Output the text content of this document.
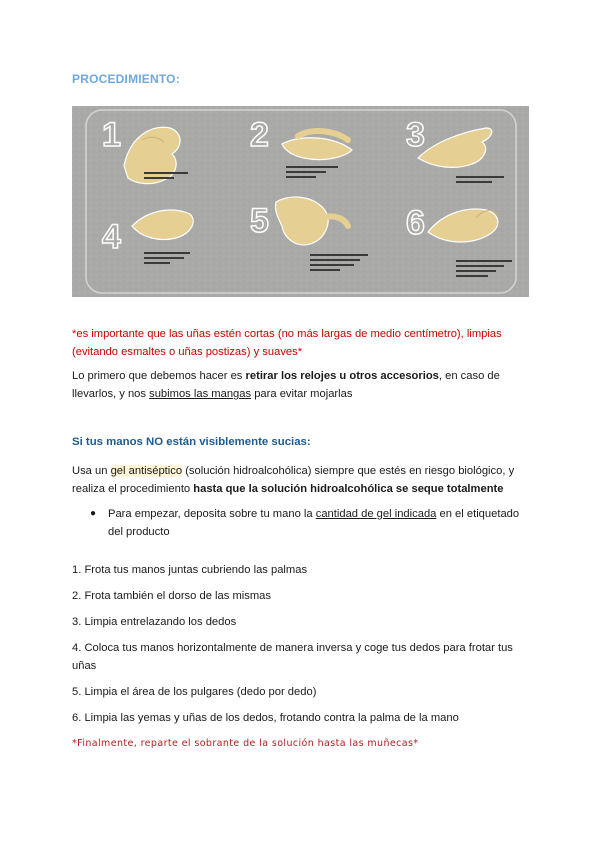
PROCEDIMIENTO:
1	2	3
4	5	6
*es importante que las uñas estén cortas (no más largas de medio centímetro), limpias (evitando esmaltes o uñas postizas) y suaves*
Lo primero que debemos hacer es retirar los relojes u otros accesorios, en caso de llevarlos, y nos subimos las mangas para evitar mojarlas
Si tus manos NO están visiblemente sucias:
Usa un gel antiséptico (solución hidroalcohólica) siempre que estés en riesgo biológico, y realiza el procedimiento hasta que la solución hidroalcohólica se seque totalmente
● Para empezar, deposita sobre tu mano la cantidad de gel indicada en el etiquetado del producto
1. Frota tus manos juntas cubriendo las palmas
2. Frota también el dorso de las mismas
3. Limpia entrelazando los dedos
4. Coloca tus manos horizontalmente de manera inversa y coge tus dedos para frotar tus uñas
5. Limpia el área de los pulgares (dedo por dedo)
6. Limpia las yemas y uñas de los dedos, frotando contra la palma de la mano
*Finalmente, reparte el sobrante de la solución hasta las muñecas*
